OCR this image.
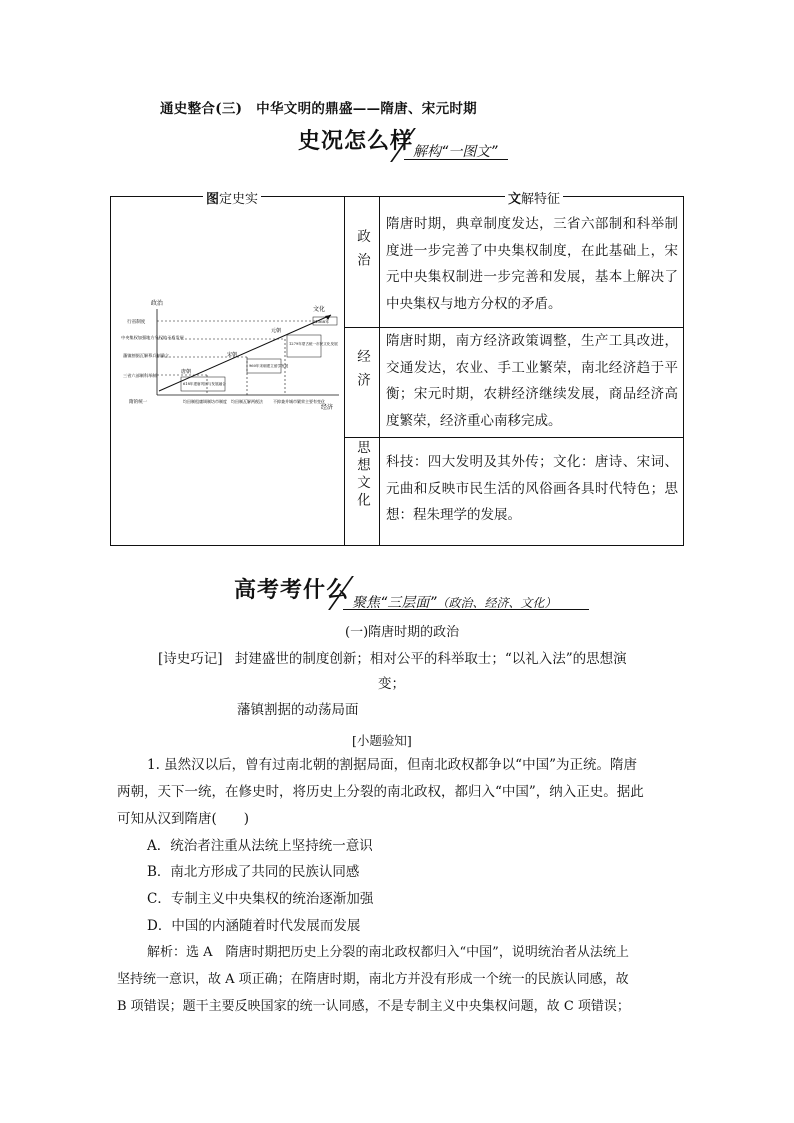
通史整合(三)　中华文明的鼎盛——隋唐、宋元时期
史况怎么样 解构“一图文”
图定史实	文解特征
政治
经济
思想文化
隋唐时期，典章制度发达，三省六部制和科举制度进一步完善了中央集权制度，在此基础上，宋元中央集权制进一步完善和发展，基本上解决了中央集权与地方分权的矛盾。
隋唐时期，南方经济政策调整，生产工具改进，交通发达，农业、手工业繁荣，南北经济趋于平衡；宋元时期，农耕经济继续发展，商品经济高度繁荣，经济重心南移完成。
科技：四大发明及其外传；文化：唐诗、宋词、元曲和反映市民生活的风俗画各具时代特色；思想：程朱理学的发展。
政治
经济
文化
行省制度
中央集权加强地方分权的矛盾发展
藩镇割据瓦解慕兵制确立
三省六部制科举制
隋的统一
唐朝
宋朝
元朝
618年建唐巩固与发展融合
960年宋朝建立留学发展
1279年蒙古统一市民文化发展
1368年
均田制租庸调制坊市制度 均田制瓦解两税法	不抑兼并城市繁荣主要有变化
高考考什么 聚焦“三层面”（政治、经济、文化）
(一)隋唐时期的政治
[诗史巧记] 封建盛世的制度创新；相对公平的科举取士；“以礼入法”的思想演
变；
藩镇割据的动荡局面
[小题验知]
1. 虽然汉以后，曾有过南北朝的割据局面，但南北政权都争以“中国”为正统。隋唐
两朝，天下一统，在修史时，将历史上分裂的南北政权，都归入“中国”，纳入正史。据此
可知从汉到隋唐(　　)
A．统治者注重从法统上坚持统一意识
B．南北方形成了共同的民族认同感
C．专制主义中央集权的统治逐渐加强
D．中国的内涵随着时代发展而发展
解析：选 A　隋唐时期把历史上分裂的南北政权都归入“中国”，说明统治者从法统上
坚持统一意识，故 A 项正确；在隋唐时期，南北方并没有形成一个统一的民族认同感，故
B 项错误；题干主要反映国家的统一认同感，不是专制主义中央集权问题，故 C 项错误；
